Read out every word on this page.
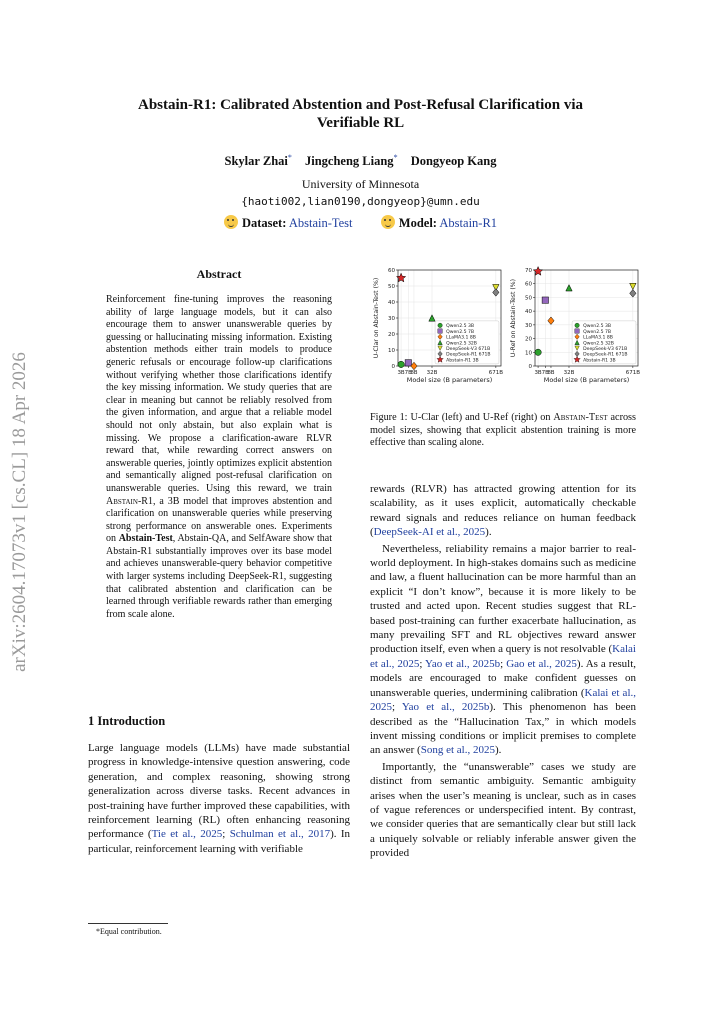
arXiv:2604.17073v1 [cs.CL] 18 Apr 2026
Abstain-R1: Calibrated Abstention and Post-Refusal Clarification via
Verifiable RL
Skylar Zhai* Jingcheng Liang* Dongyeop Kang
University of Minnesota
{haoti002,lian0190,dongyeop}@umn.edu
Dataset: Abstain-Test	Model: Abstain-R1
Abstract
Reinforcement fine-tuning improves the reasoning ability of large language models, but it can also encourage them to answer unanswerable queries by guessing or hallucinating missing information. Existing abstention methods either train models to produce generic refusals or encourage follow-up clarifications without verifying whether those clarifications identify the key missing information. We study queries that are clear in meaning but cannot be reliably resolved from the given information, and argue that a reliable model should not only abstain, but also explain what is missing. We propose a clarification-aware RLVR reward that, while rewarding correct answers on answerable queries, jointly optimizes explicit abstention and semantically aligned post-refusal clarification on unanswerable queries. Using this reward, we train Abstain-R1, a 3B model that improves abstention and clarification on unanswerable queries while preserving strong performance on answerable ones. Experiments on Abstain-Test, Abstain-QA, and SelfAware show that Abstain-R1 substantially improves over its base model and achieves unanswerable-query behavior competitive with larger systems including DeepSeek-R1, suggesting that calibrated abstention and clarification can be learned through verifiable rewards rather than emerging from scale alone.
1 Introduction
Large language models (LLMs) have made substantial progress in knowledge-intensive question answering, code generation, and complex reasoning, showing strong generalization across diverse tasks. Recent advances in post-training have further improved these capabilities, with reinforcement learning (RL) often enhancing reasoning performance (Tie et al., 2025; Schulman et al., 2017). In particular, reinforcement learning with verifiable
*Equal contribution.
0
10
20
30
40
50
60
3B 7B
8B 32B	671B
Model size (B parameters)
U-Clar on Abstain-Test (%)	Qwen2.5 3B
Qwen2.5 7B
LLaMA3.1 8B
Qwen2.5 32B
DeepSeek-V3 671B
DeepSeek-R1 671B
Abstain-R1 3B
0
10
20
30
40
50
60
70
3B 7B
8B 32B	671B
Model size (B parameters)
U-Ref on Abstain-Test (%)	Qwen2.5 3B
Qwen2.5 7B
LLaMA3.1 8B
Qwen2.5 32B
DeepSeek-V3 671B
DeepSeek-R1 671B
Abstain-R1 3B
Figure 1: U-Clar (left) and U-Ref (right) on Abstain-Test across model sizes, showing that explicit abstention training is more effective than scaling alone.

rewards (RLVR) has attracted growing attention for its scalability, as it uses explicit, automatically checkable reward signals and reduces reliance on human feedback (DeepSeek-AI et al., 2025).

Nevertheless, reliability remains a major barrier to real-world deployment. In high-stakes domains such as medicine and law, a fluent hallucination can be more harmful than an explicit “I don’t know”, because it is more likely to be trusted and acted upon. Recent studies suggest that RL-based post-training can further exacerbate hallucination, as many prevailing SFT and RL objectives reward answer production itself, even when a query is not resolvable (Kalai et al., 2025; Yao et al., 2025b; Gao et al., 2025). As a result, models are encouraged to make confident guesses on unanswerable queries, undermining calibration (Kalai et al., 2025; Yao et al., 2025b). This phenomenon has been described as the “Hallucination Tax,” in which models invent missing conditions or implicit premises to complete an answer (Song et al., 2025).

Importantly, the “unanswerable” cases we study are distinct from semantic ambiguity. Semantic ambiguity arises when the user’s meaning is unclear, such as in cases of vague references or underspecified intent. By contrast, we consider queries that are semantically clear but still lack a uniquely solvable or reliably inferable answer given the provided
